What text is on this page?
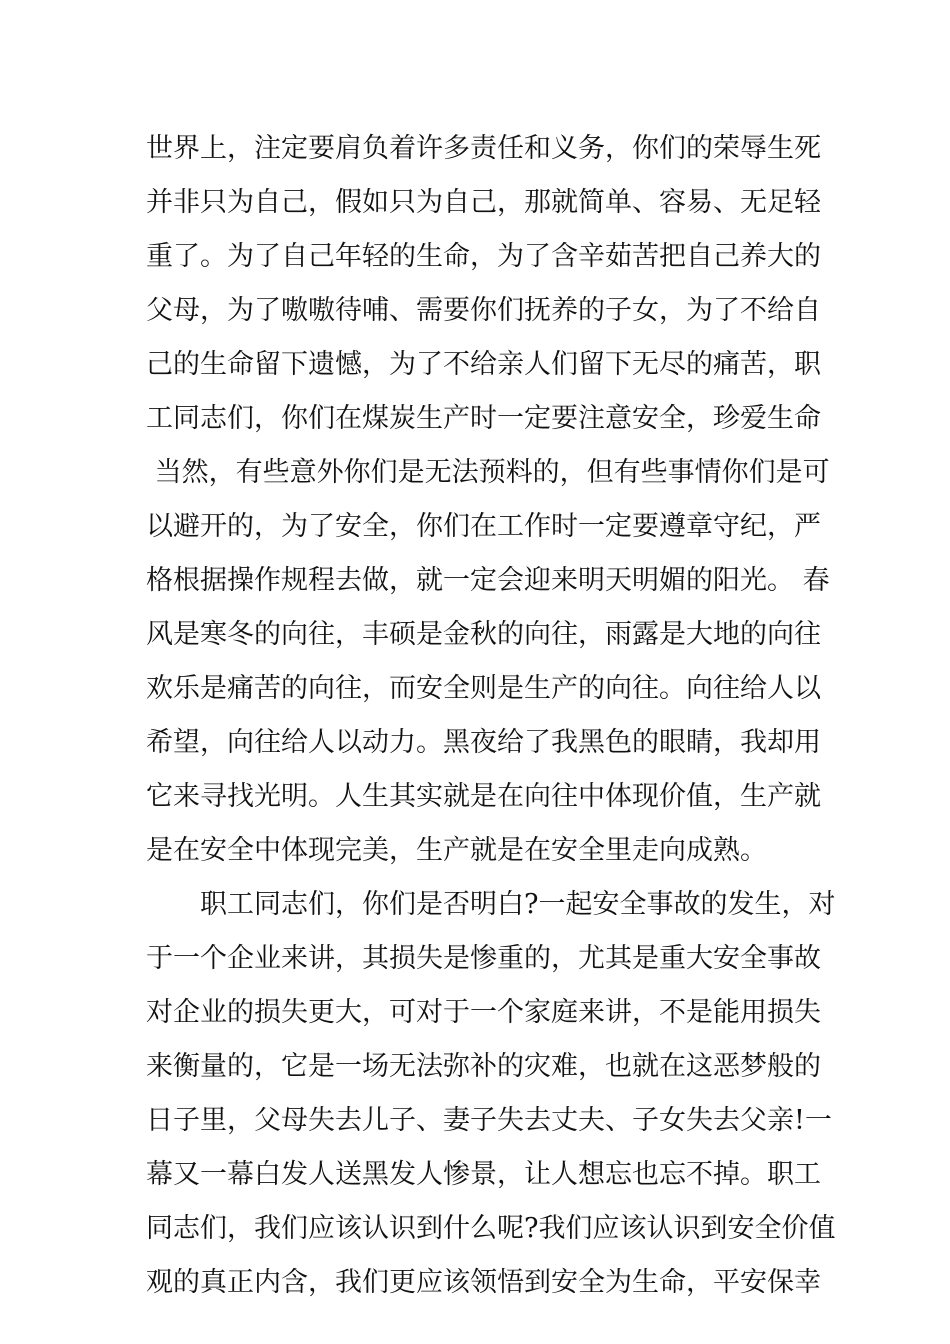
世界上，注定要肩负着许多责任和义务，你们的荣辱生死
并非只为自己，假如只为自己，那就简单、容易、无足轻
重了。为了自己年轻的生命，为了含辛茹苦把自己养大的
父母，为了嗷嗷待哺、需要你们抚养的子女，为了不给自
己的生命留下遗憾，为了不给亲人们留下无尽的痛苦，职
工同志们，你们在煤炭生产时一定要注意安全，珍爱生命
当然，有些意外你们是无法预料的，但有些事情你们是可
以避开的，为了安全，你们在工作时一定要遵章守纪，严
格根据操作规程去做，就一定会迎来明天明媚的阳光。 春
风是寒冬的向往，丰硕是金秋的向往，雨露是大地的向往
欢乐是痛苦的向往，而安全则是生产的向往。向往给人以
希望，向往给人以动力。黑夜给了我黑色的眼睛，我却用
它来寻找光明。人生其实就是在向往中体现价值，生产就
是在安全中体现完美，生产就是在安全里走向成熟。
职工同志们，你们是否明白?一起安全事故的发生，对
于一个企业来讲，其损失是惨重的，尤其是重大安全事故
对企业的损失更大，可对于一个家庭来讲，不是能用损失
来衡量的，它是一场无法弥补的灾难，也就在这恶梦般的
日子里，父母失去儿子、妻子失去丈夫、子女失去父亲!一
幕又一幕白发人送黑发人惨景，让人想忘也忘不掉。职工
同志们，我们应该认识到什么呢?我们应该认识到安全价值
观的真正内含，我们更应该领悟到安全为生命，平安保幸
